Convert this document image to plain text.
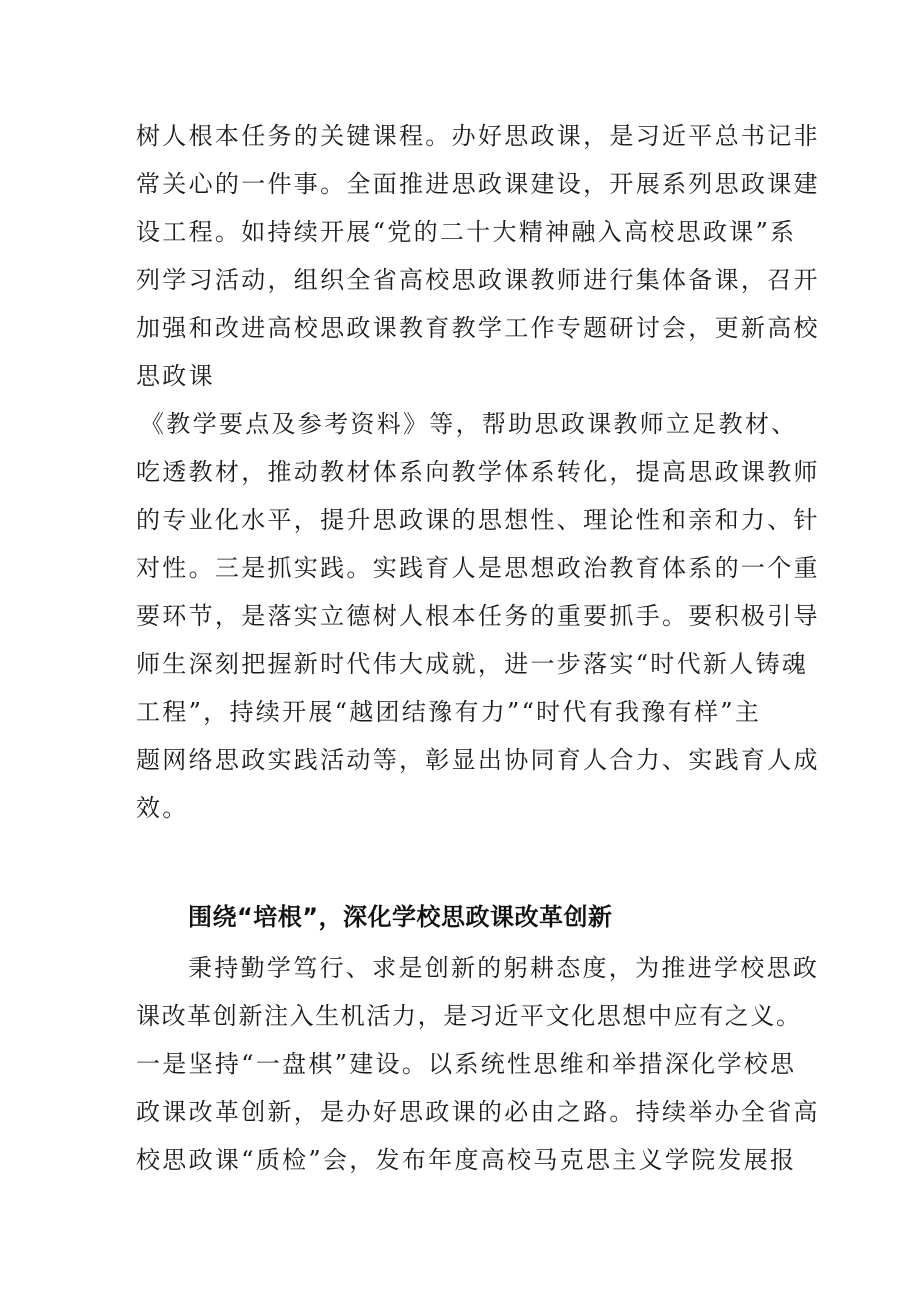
树人根本任务的关键课程。办好思政课，是习近平总书记非

常关心的一件事。全面推进思政课建设，开展系列思政课建

设工程。如持续开展“党的二十大精神融入高校思政课”系

列学习活动，组织全省高校思政课教师进行集体备课，召开

加强和改进高校思政课教育教学工作专题研讨会，更新高校

思政课

《教学要点及参考资料》等，帮助思政课教师立足教材、

吃透教材，推动教材体系向教学体系转化，提高思政课教师

的专业化水平，提升思政课的思想性、理论性和亲和力、针

对性。三是抓实践。实践育人是思想政治教育体系的一个重

要环节，是落实立德树人根本任务的重要抓手。要积极引导

师生深刻把握新时代伟大成就，进一步落实“时代新人铸魂

工程”，持续开展“越团结豫有力”“时代有我豫有样”主

题网络思政实践活动等，彰显出协同育人合力、实践育人成

效。

围绕“培根”，深化学校思政课改革创新

秉持勤学笃行、求是创新的躬耕态度，为推进学校思政

课改革创新注入生机活力，是习近平文化思想中应有之义。

一是坚持“一盘棋”建设。以系统性思维和举措深化学校思

政课改革创新，是办好思政课的必由之路。持续举办全省高

校思政课“质检”会，发布年度高校马克思主义学院发展报
